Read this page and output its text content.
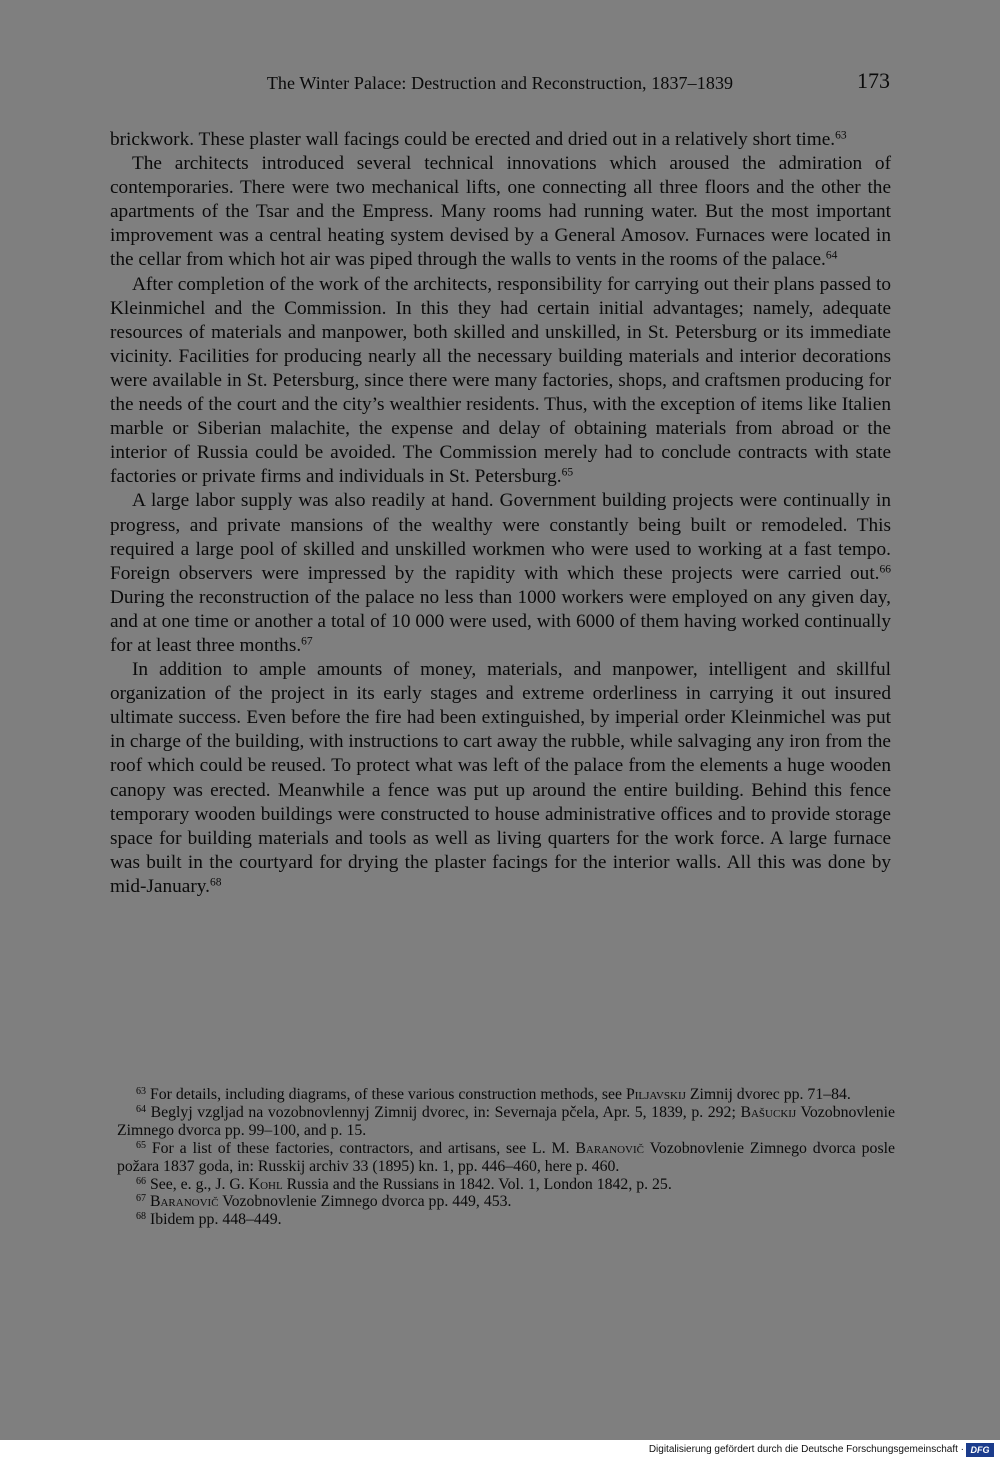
The Winter Palace: Destruction and Reconstruction, 1837–1839	173

brickwork. These plaster wall facings could be erected and dried out in a relatively short time.$^{63}$

The architects introduced several technical innovations which aroused the admiration of contemporaries. There were two mechanical lifts, one connecting all three floors and the other the apartments of the Tsar and the Empress. Many rooms had running water. But the most important improvement was a central heating system devised by a General Amosov. Furnaces were located in the cellar from which hot air was piped through the walls to vents in the rooms of the palace.$^{64}$

After completion of the work of the architects, responsibility for carrying out their plans passed to Kleinmichel and the Commission. In this they had certain initial advantages; namely, adequate resources of materials and manpower, both skilled and unskilled, in St. Petersburg or its immediate vicinity. Facilities for producing nearly all the necessary building materials and interior decorations were available in St. Petersburg, since there were many factories, shops, and craftsmen producing for the needs of the court and the city’s wealthier residents. Thus, with the exception of items like Italien marble or Siberian malachite, the expense and delay of obtaining materials from abroad or the interior of Russia could be avoided. The Commission merely had to conclude contracts with state factories or private firms and individuals in St. Petersburg.$^{65}$

A large labor supply was also readily at hand. Government building projects were continually in progress, and private mansions of the wealthy were constantly being built or remodeled. This required a large pool of skilled and unskilled workmen who were used to working at a fast tempo. Foreign observers were impressed by the rapidity with which these projects were carried out.$^{66}$ During the reconstruction of the palace no less than 1000 workers were employed on any given day, and at one time or another a total of 10 000 were used, with 6000 of them having worked continually for at least three months.$^{67}$

In addition to ample amounts of money, materials, and manpower, intelligent and skillful organization of the project in its early stages and extreme orderliness in carrying it out insured ultimate success. Even before the fire had been extinguished, by imperial order Kleinmichel was put in charge of the building, with instructions to cart away the rubble, while salvaging any iron from the roof which could be reused. To protect what was left of the palace from the elements a huge wooden canopy was erected. Meanwhile a fence was put up around the entire building. Behind this fence temporary wooden buildings were constructed to house administrative offices and to provide storage space for building materials and tools as well as living quarters for the work force. A large furnace was built in the courtyard for drying the plaster facings for the interior walls. All this was done by mid-January.$^{68}$

$^{63}$ For details, including diagrams, of these various construction methods, see Piljavskij Zimnij dvorec pp. 71–84.

$^{64}$ Beglyj vzgljad na vozobnovlennyj Zimnij dvorec, in: Severnaja pčela, Apr. 5, 1839, p. 292; Bašuckij Vozobnovlenie Zimnego dvorca pp. 99–100, and p. 15.

$^{65}$ For a list of these factories, contractors, and artisans, see L. M. Baranovič Vozobnovlenie Zimnego dvorca posle požara 1837 goda, in: Russkij archiv 33 (1895) kn. 1, pp. 446–460, here p. 460.

$^{66}$ See, e. g., J. G. Kohl Russia and the Russians in 1842. Vol. 1, London 1842, p. 25.

$^{67}$ Baranovič Vozobnovlenie Zimnego dvorca pp. 449, 453.

$^{68}$ Ibidem pp. 448–449.

Digitalisierung gefördert durch die Deutsche Forschungsgemeinschaft · DFG
